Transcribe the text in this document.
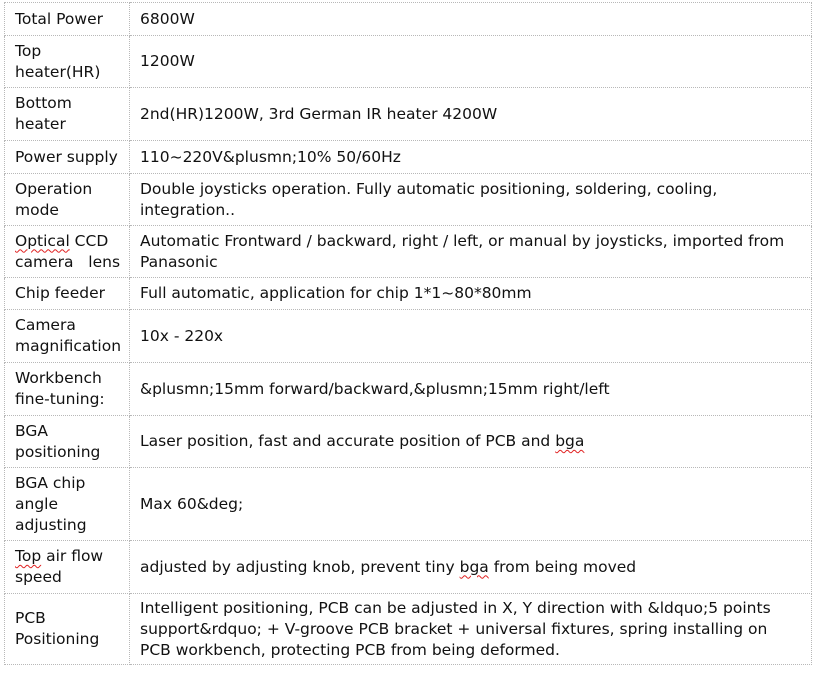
Total Power	6800W
Top heater(HR)	1200W
Bottom heater	2nd(HR)1200W, 3rd German IR heater 4200W
Power supply	110~220V&plusmn;10% 50/60Hz
Operation mode	Double joysticks operation. Fully automatic positioning, soldering, cooling, integration..
Optical CCD camera   lens	Automatic Frontward / backward, right / left, or manual by joysticks, imported from Panasonic
Chip feeder	Full automatic, application for chip 1*1~80*80mm
Camera magnification	10x - 220x
Workbench fine-tuning:	&plusmn;15mm forward/backward,&plusmn;15mm right/left
BGA positioning	Laser position, fast and accurate position of PCB and bga
BGA chip angle adjusting	Max 60&deg;
Top air flow speed	adjusted by adjusting knob, prevent tiny bga from being moved
PCB Positioning	Intelligent positioning, PCB can be adjusted in X, Y direction with &ldquo;5 points support&rdquo; + V-groove PCB bracket + universal fixtures, spring installing on PCB workbench, protecting PCB from being deformed.
